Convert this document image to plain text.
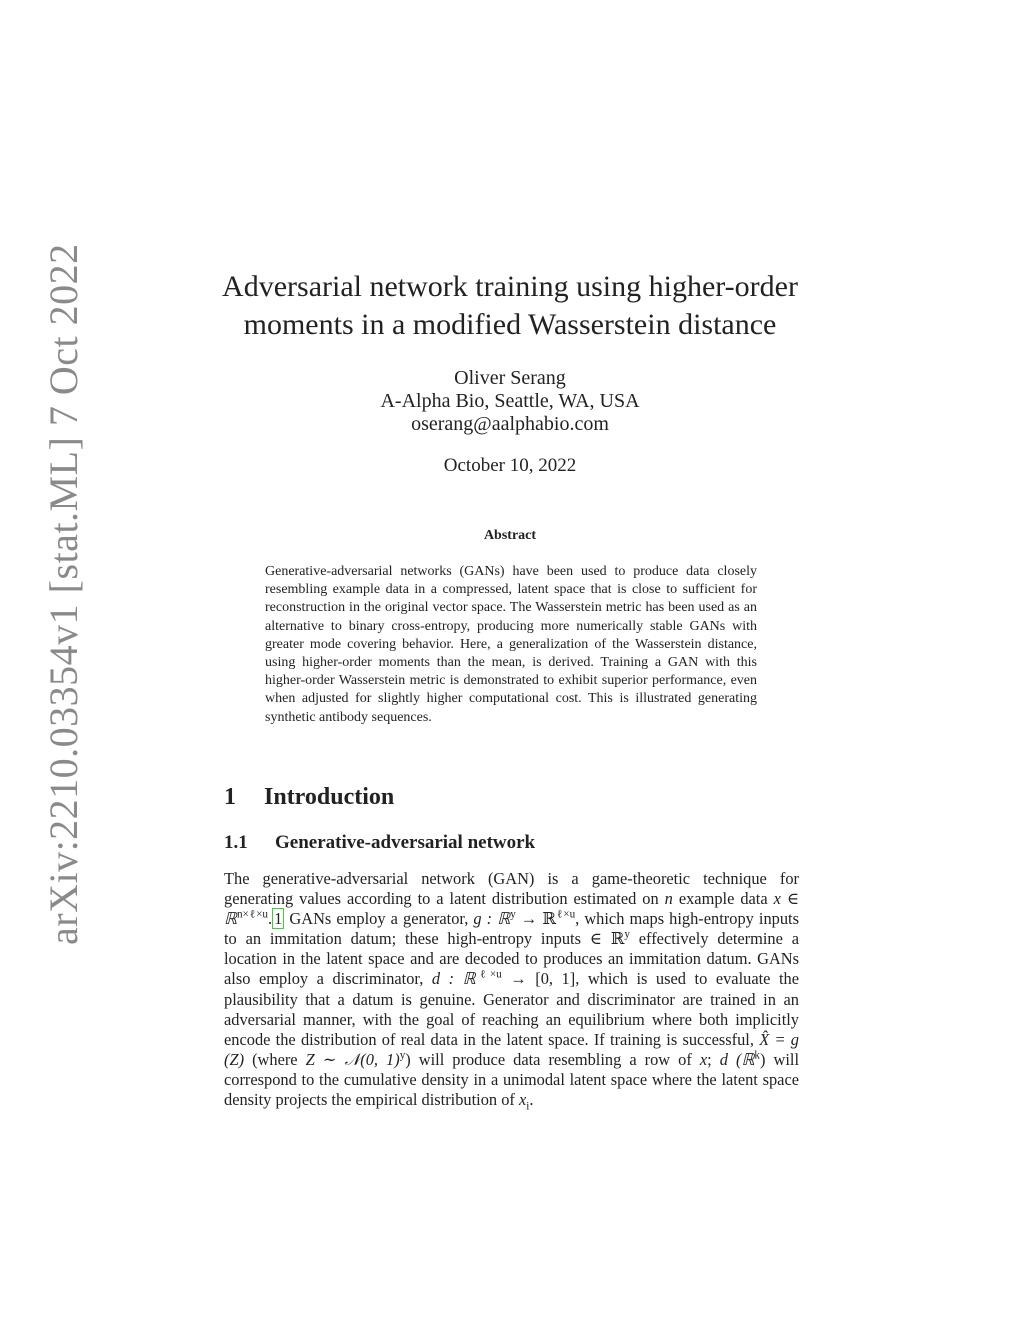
arXiv:2210.03354v1 [stat.ML] 7 Oct 2022	Adversarial network training using higher-order
moments in a modified Wasserstein distance
Oliver Serang
A-Alpha Bio, Seattle, WA, USA
oserang@aalphabio.com
October 10, 2022
Abstract
Generative-adversarial networks (GANs) have been used to produce data closely resembling example data in a compressed, latent space that is close to sufficient for reconstruction in the original vector space. The Wasserstein metric has been used as an alternative to binary cross-entropy, producing more numerically stable GANs with greater mode covering behavior. Here, a generalization of the Wasserstein distance, using higher-order moments than the mean, is derived. Training a GAN with this higher-order Wasserstein metric is demonstrated to exhibit superior performance, even when adjusted for slightly higher computational cost. This is illustrated generating synthetic antibody sequences.
1 Introduction
1.1 Generative-adversarial network
The generative-adversarial network (GAN) is a game-theoretic technique for generating values according to a latent distribution estimated on n example data x ∈ ℝ$^{n\times\ell\times u}$. 1 GANs employ a generator, g : ℝ$^y$ → ℝ$^{\ell\times u}$, which maps high-entropy inputs to an immitation datum; these high-entropy inputs ∈ ℝ$^y$ effectively determine a location in the latent space and are decoded to produces an immitation datum. GANs also employ a discriminator, d : ℝ$^{\ell\times u}$ → [0, 1], which is used to evaluate the plausibility that a datum is genuine. Generator and discriminator are trained in an adversarial manner, with the goal of reaching an equilibrium where both implicitly encode the distribution of real data in the latent space. If training is successful, X̂ = g (Z) (where Z ∼ 𝒩(0, 1)$^y$) will produce data resembling a row of x; d (ℝ$^k$) will correspond to the cumulative density in a unimodal latent space where the latent space density projects the empirical distribution of $x_i$.
